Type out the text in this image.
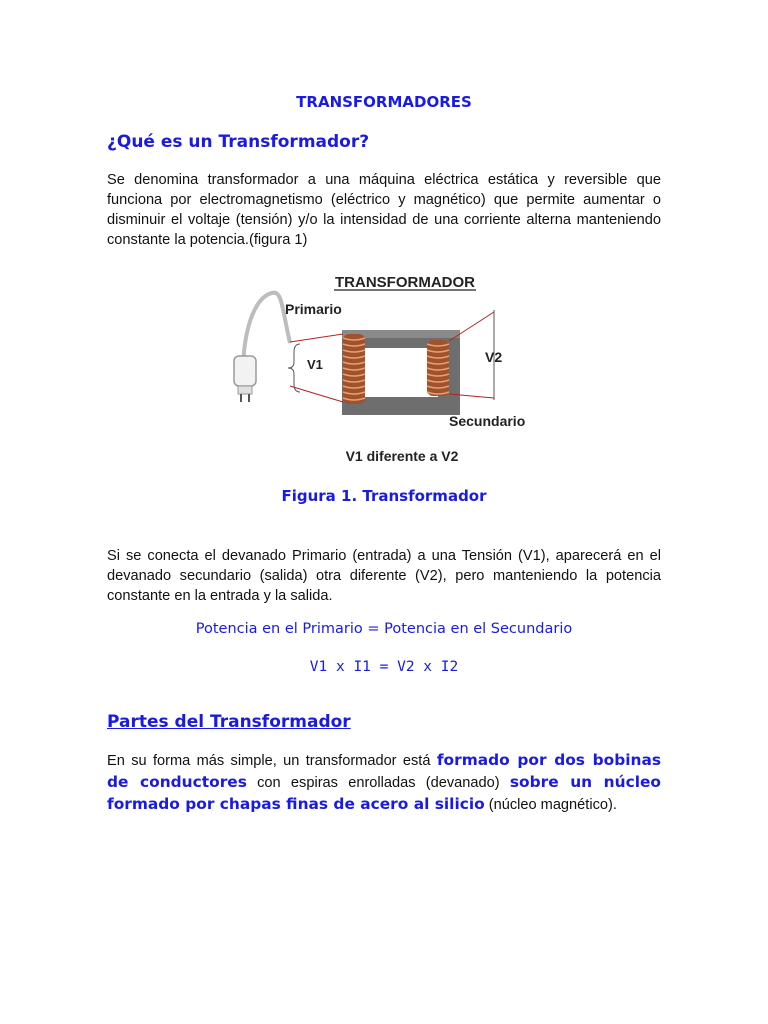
TRANSFORMADORES
¿Qué es un Transformador?

Se denomina transformador a una máquina eléctrica estática y reversible que funciona por electromagnetismo (eléctrico y magnético) que permite aumentar o disminuir el voltaje (tensión) y/o la intensidad de una corriente alterna manteniendo constante la potencia.(figura 1)

TRANSFORMADOR
Primario
V1	V2
Secundario
V1 diferente a V2

Figura 1. Transformador

Si se conecta el devanado Primario (entrada) a una Tensión (V1), aparecerá en el devanado secundario (salida) otra diferente (V2), pero manteniendo la potencia constante en la entrada y la salida.

Potencia en el Primario = Potencia en el Secundario

V1 x I1 = V2 x I2

Partes del Transformador

En su forma más simple, un transformador está formado por dos bobinas de conductores con espiras enrolladas (devanado) sobre un núcleo formado por chapas finas de acero al silicio (núcleo magnético).
